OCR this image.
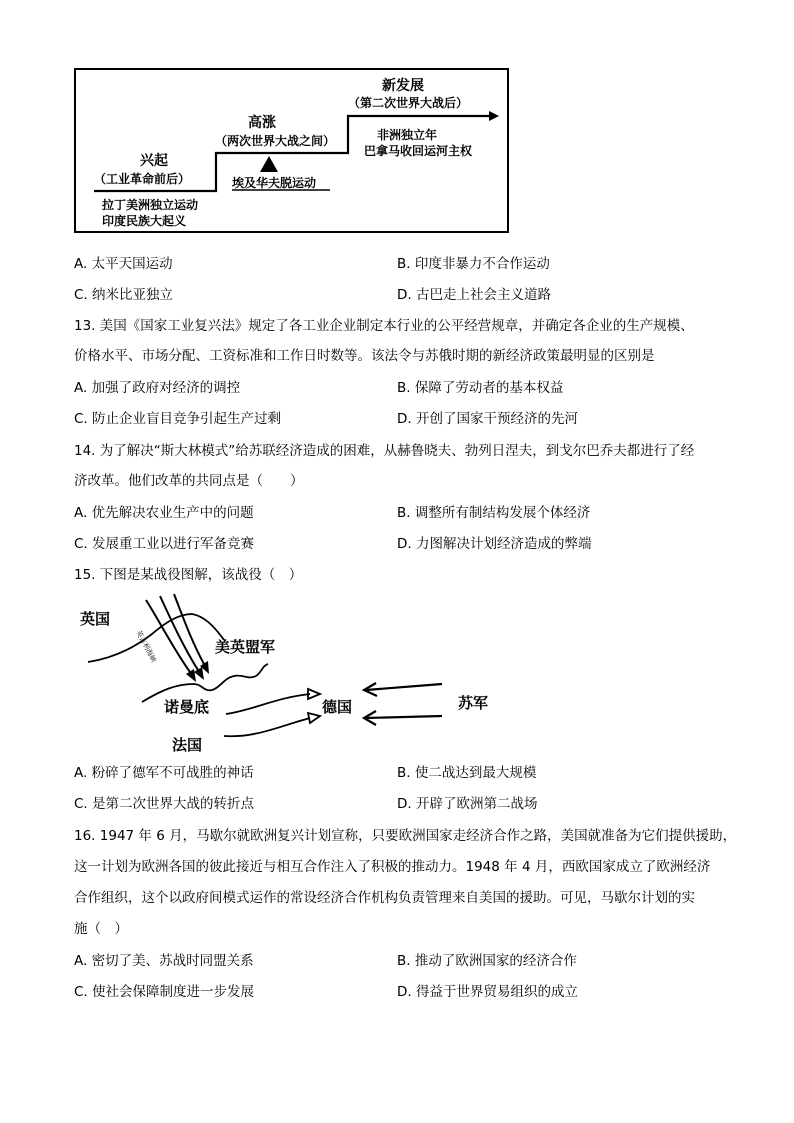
兴起
（工业革命前后）
拉丁美洲独立运动
印度民族大起义
高涨
（两次世界大战之间）
埃及华夫脱运动
新发展
（第二次世界大战后）
非洲独立年
巴拿马收回运河主权
A. 太平天国运动	B. 印度非暴力不合作运动
C. 纳米比亚独立	D. 古巴走上社会主义道路
13. 美国《国家工业复兴法》规定了各工业企业制定本行业的公平经营规章，并确定各企业的生产规模、
价格水平、市场分配、工资标准和工作日时数等。该法令与苏俄时期的新经济政策最明显的区别是
A. 加强了政府对经济的调控	B. 保障了劳动者的基本权益
C. 防止企业盲目竞争引起生产过剩	D. 开创了国家干预经济的先河
14. 为了解决“斯大林模式”给苏联经济造成的困难，从赫鲁晓夫、勃列日涅夫，到戈尔巴乔夫都进行了经
济改革。他们改革的共同点是（　　）
A. 优先解决农业生产中的问题	B. 调整所有制结构发展个体经济
C. 发展重工业以进行军备竞赛	D. 力图解决计划经济造成的弊端
15. 下图是某战役图解，该战役（　）
英国
英吉利海峡	美英盟军
诺曼底	德国	苏军
法国
A. 粉碎了德军不可战胜的神话	B. 使二战达到最大规模
C. 是第二次世界大战的转折点	D. 开辟了欧洲第二战场
16. 1947 年 6 月，马歇尔就欧洲复兴计划宣称，只要欧洲国家走经济合作之路，美国就准备为它们提供援助，
这一计划为欧洲各国的彼此接近与相互合作注入了积极的推动力。1948 年 4 月，西欧国家成立了欧洲经济
合作组织，这个以政府间模式运作的常设经济合作机构负责管理来自美国的援助。可见，马歇尔计划的实
施（　）
A. 密切了美、苏战时同盟关系	B. 推动了欧洲国家的经济合作
C. 使社会保障制度进一步发展	D. 得益于世界贸易组织的成立
